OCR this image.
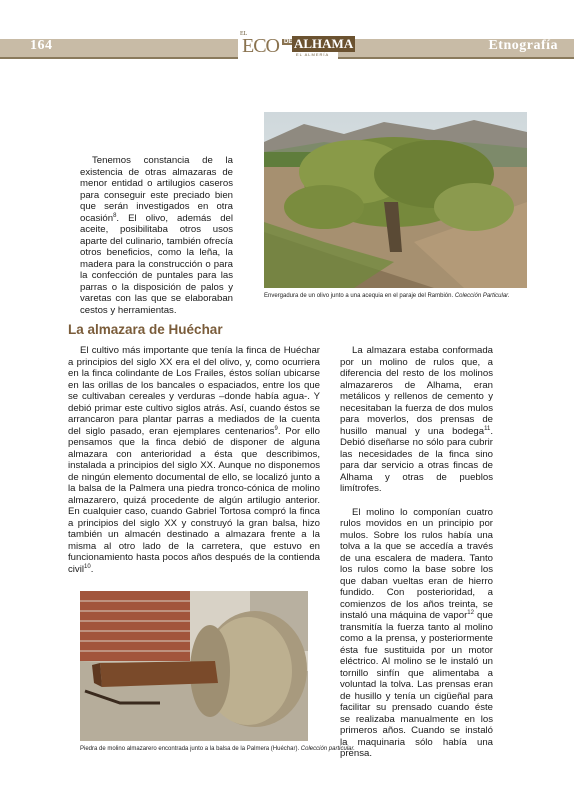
164
EL
ECO DE ALHAMA
EL ALMERÍA
Etnografía

Tenemos constancia de la existencia de otras almazaras de menor entidad o artilugios caseros para conseguir este preciado bien que serán investigados en otra ocasión$^8$. El olivo, además del aceite, posibilitaba otros usos aparte del culinario, también ofrecía otros beneficios, como la leña, la madera para la construcción o para la confección de puntales para las parras o la disposición de palos y varetas con las que se elaboraban cestos y herramientas.

Envergadura de un olivo junto a una acequia en el paraje del Rambión. Colección Particular.
La almazara de Huéchar

El cultivo más importante que tenía la finca de Huéchar a principios del siglo XX era el del olivo, y, como ocurriera en la finca colindante de Los Frailes, éstos solían ubicarse en las orillas de los bancales o espaciados, entre los que se cultivaban cereales y verduras –donde había agua-. Y debió primar este cultivo siglos atrás. Así, cuando éstos se arrancaron para plantar parras a mediados de la cuenta del siglo pasado, eran ejemplares centenarios$^9$. Por ello pensamos que la finca debió de disponer de alguna almazara con anterioridad a ésta que describimos, instalada a principios del siglo XX. Aunque no disponemos de ningún elemento documental de ello, se localizó junto a la balsa de la Palmera una piedra tronco-cónica de molino almazarero, quizá procedente de algún artilugio anterior. En cualquier caso, cuando Gabriel Tortosa compró la finca a principios del siglo XX y construyó la gran balsa, hizo también un almacén destinado a almazara frente a la misma al otro lado de la carretera, que estuvo en funcionamiento hasta pocos años después de la contienda civil$^{10}$.

La almazara estaba conformada por un molino de rulos que, a diferencia del resto de los molinos almazareros de Alhama, eran metálicos y rellenos de cemento y necesitaban la fuerza de dos mulos para moverlos, dos prensas de husillo manual y una bodega$^{11}$. Debió diseñarse no sólo para cubrir las necesidades de la finca sino para dar servicio a otras fincas de Alhama y otras de pueblos limítrofes.

El molino lo componían cuatro rulos movidos en un principio por mulos. Sobre los rulos había una tolva a la que se accedía a través de una escalera de madera. Tanto los rulos como la base sobre los que daban vueltas eran de hierro fundido. Con posterioridad, a comienzos de los años treinta, se instaló una máquina de vapor$^{12}$ que transmitía la fuerza tanto al molino como a la prensa, y posteriormente ésta fue sustituida por un motor eléctrico. Al molino se le instaló un tornillo sinfín que alimentaba a voluntad la tolva. Las prensas eran de husillo y tenía un cigüeñal para facilitar su prensado cuando éste se realizaba manualmente en los primeros años. Cuando se instaló la maquinaria sólo había una prensa.

Piedra de molino almazarero encontrada junto a la balsa de la Palmera (Huéchar). Colección particular.
